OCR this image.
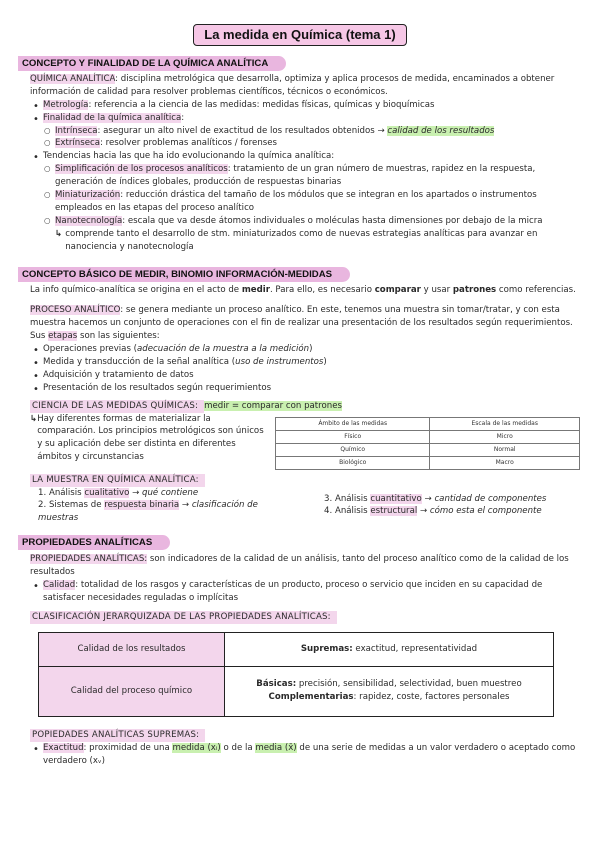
La medida en Química (tema 1)
CONCEPTO Y FINALIDAD DE LA QUÍMICA ANALÍTICA

QUÍMICA ANALÍTICA: disciplina metrológica que desarrolla, optimiza y aplica procesos de medida, encaminados a obtener información de calidad para resolver problemas científicos, técnicos o económicos.

• Metrología: referencia a la ciencia de las medidas: medidas físicas, químicas y bioquímicas
• Finalidad de la química analítica:
○ Intrínseca: asegurar un alto nivel de exactitud de los resultados obtenidos → calidad de los resultados
○ Extrínseca: resolver problemas analíticos / forenses
• Tendencias hacia las que ha ido evolucionando la química analítica:
○ Simplificación de los procesos analíticos: tratamiento de un gran número de muestras, rapidez en la respuesta, generación de índices globales, producción de respuestas binarias
○ Miniaturización: reducción drástica del tamaño de los módulos que se integran en los apartados o instrumentos empleados en las etapas del proceso analítico
○ Nanotecnología: escala que va desde átomos individuales o moléculas hasta dimensiones por debajo de la micra
↳ comprende tanto el desarrollo de stm. miniaturizados como de nuevas estrategias analíticas para avanzar en nanociencia y nanotecnología
CONCEPTO BÁSICO DE MEDIR, BINOMIO INFORMACIÓN-MEDIDAS

La info químico-analítica se origina en el acto de medir. Para ello, es necesario comparar y usar patrones como referencias.

PROCESO ANALÍTICO: se genera mediante un proceso analítico. En este, tenemos una muestra sin tomar/tratar, y con esta muestra hacemos un conjunto de operaciones con el fin de realizar una presentación de los resultados según requerimientos. Sus etapas son las siguientes:

• Operaciones previas (adecuación de la muestra a la medición)
• Medida y transducción de la señal analítica (uso de instrumentos)
• Adquisición y tratamiento de datos
• Presentación de los resultados según requerimientos

CIENCIA DE LAS MEDIDAS QUÍMICAS: medir = comparar con patrones

↳ Hay diferentes formas de materializar la comparación. Los principios metrológicos son únicos y su aplicación debe ser distinta en diferentes ámbitos y circunstancias
Ámbito de las medidas	Escala de las medidas
Físico	Micro
Químico	Normal
Biológico	Macro

LA MUESTRA EN QUÍMICA ANALÍTICA:

1. Análisis cualitativo → qué contiene
2. Sistemas de respuesta binaria → clasificación de muestras
3. Análisis cuantitativo → cantidad de componentes
4. Análisis estructural → cómo esta el componente
PROPIEDADES ANALÍTICAS

PROPIEDADES ANALÍTICAS: son indicadores de la calidad de un análisis, tanto del proceso analítico como de la calidad de los resultados

• Calidad: totalidad de los rasgos y características de un producto, proceso o servicio que inciden en su capacidad de satisfacer necesidades reguladas o implícitas

CLASIFICACIÓN JERARQUIZADA DE LAS PROPIEDADES ANALÍTICAS:

Calidad de los resultados	Supremas: exactitud, representatividad
Calidad del proceso químico	Básicas: precisión, sensibilidad, selectividad, buen muestreo
Complementarias: rapidez, coste, factores personales

POPIEDADES ANALÍTICAS SUPREMAS:

• Exactitud: proximidad de una medida (xᵢ) o de la media (x̄) de una serie de medidas a un valor verdadero o aceptado como verdadero (xᵥ)
